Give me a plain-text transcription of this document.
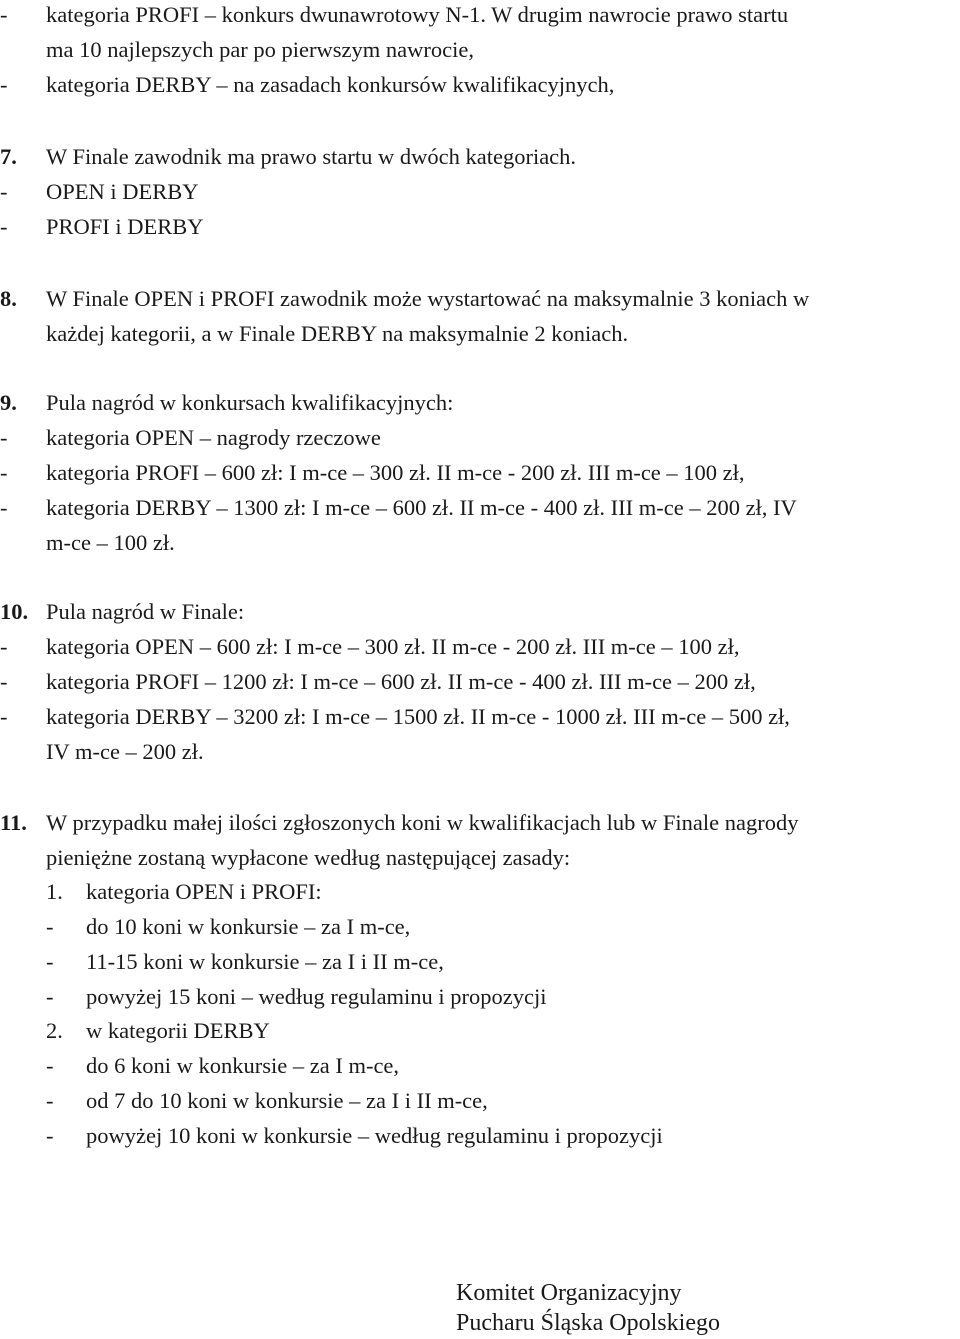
- kategoria PROFI – konkurs dwunawrotowy N-1. W drugim nawrocie prawo startu
ma 10 najlepszych par po pierwszym nawrocie,
- kategoria DERBY – na zasadach konkursów kwalifikacyjnych,
7. W Finale zawodnik ma prawo startu w dwóch kategoriach.
- OPEN i DERBY
- PROFI i DERBY
8. W Finale OPEN i PROFI zawodnik może wystartować na maksymalnie 3 koniach w
każdej kategorii, a w Finale DERBY na maksymalnie 2 koniach.
9. Pula nagród w konkursach kwalifikacyjnych:
- kategoria OPEN – nagrody rzeczowe
- kategoria PROFI – 600 zł: I m-ce – 300 zł. II m-ce - 200 zł. III m-ce – 100 zł,
- kategoria DERBY – 1300 zł: I m-ce – 600 zł. II m-ce - 400 zł. III m-ce – 200 zł, IV
m-ce – 100 zł.
10. Pula nagród w Finale:
- kategoria OPEN – 600 zł: I m-ce – 300 zł. II m-ce - 200 zł. III m-ce – 100 zł,
- kategoria PROFI – 1200 zł: I m-ce – 600 zł. II m-ce - 400 zł. III m-ce – 200 zł,
- kategoria DERBY – 3200 zł: I m-ce – 1500 zł. II m-ce - 1000 zł. III m-ce – 500 zł,
IV m-ce – 200 zł.
11. W przypadku małej ilości zgłoszonych koni w kwalifikacjach lub w Finale nagrody
pieniężne zostaną wypłacone według następującej zasady:
1. kategoria OPEN i PROFI:
- do 10 koni w konkursie – za I m-ce,
- 11-15 koni w konkursie – za I i II m-ce,
- powyżej 15 koni – według regulaminu i propozycji
2. w kategorii DERBY
- do 6 koni w konkursie – za I m-ce,
- od 7 do 10 koni w konkursie – za I i II m-ce,
- powyżej 10 koni w konkursie – według regulaminu i propozycji
Komitet Organizacyjny
Pucharu Śląska Opolskiego
